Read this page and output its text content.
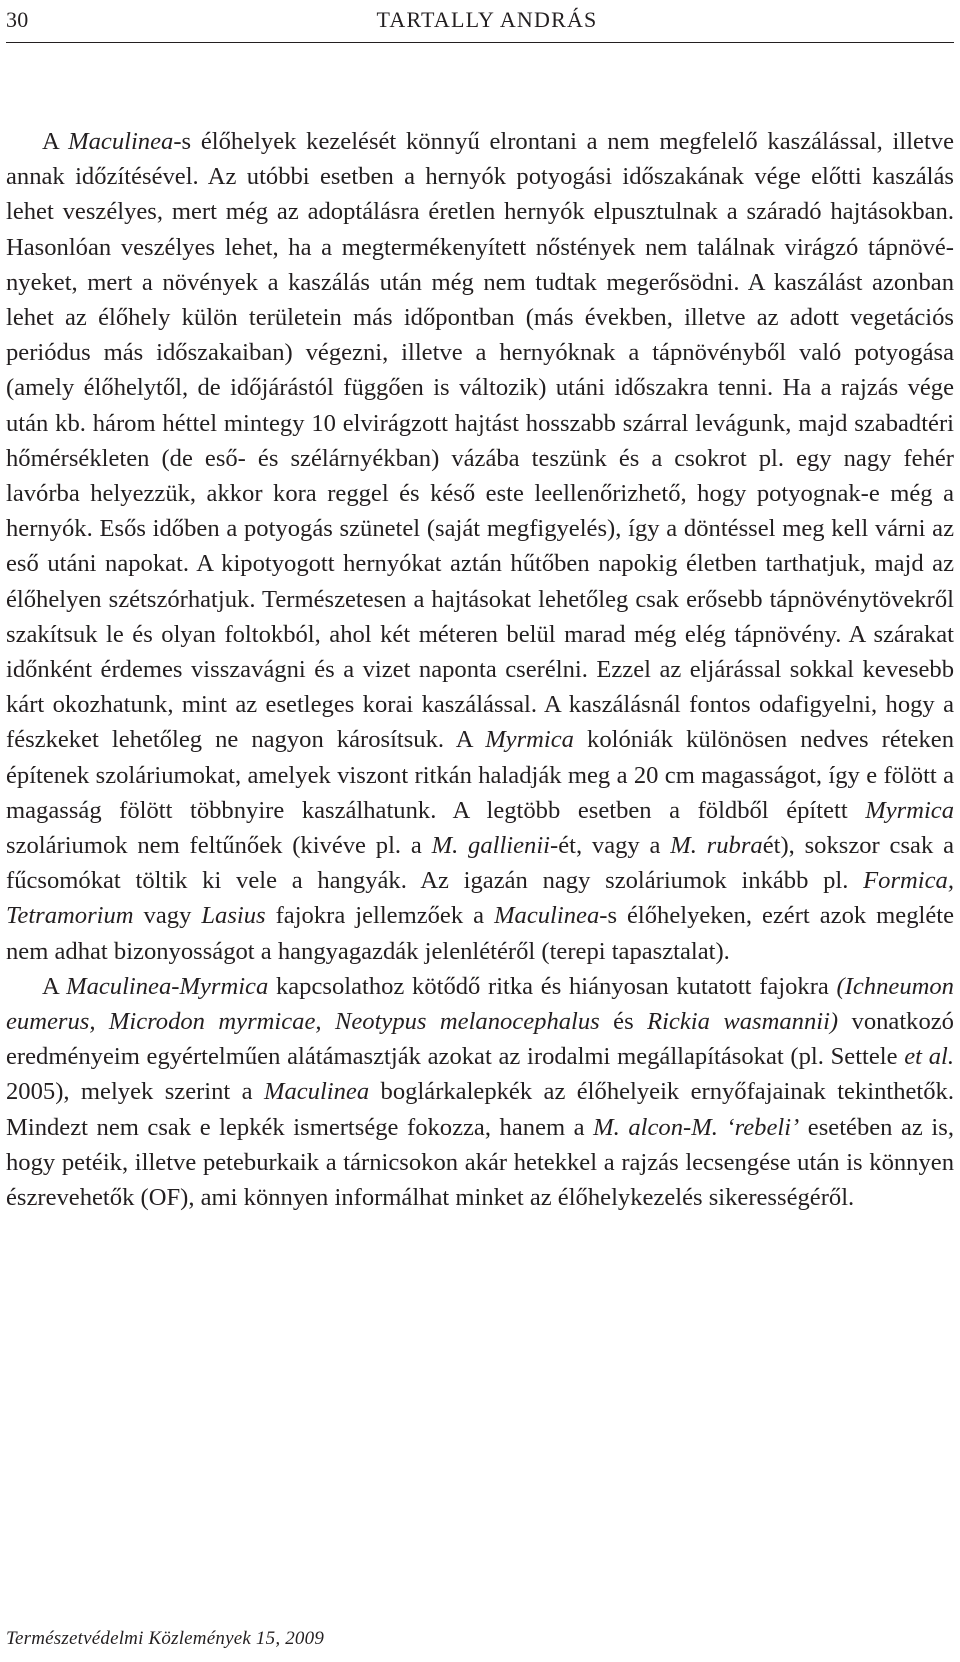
30	TARTALLY ANDRÁS

A Maculinea-s élőhelyek kezelését könnyű elrontani a nem megfelelő kaszálással, illetve annak időzítésével. Az utóbbi esetben a hernyók potyogási időszakának vége előtti kaszálás lehet veszélyes, mert még az adoptálásra éretlen hernyók elpusztulnak a száradó hajtásokban. Hasonlóan veszélyes lehet, ha a megtermékenyített nőstények nem találnak virágzó tápnövényeket, mert a növények a kaszálás után még nem tudtak megerősödni. A kaszálást azonban lehet az élőhely külön területein más időpontban (más években, illetve az adott vegetációs periódus más időszakaiban) végezni, illetve a hernyóknak a tápnövényből való potyogása (amely élőhelytől, de időjárástól függően is változik) utáni időszakra tenni. Ha a rajzás vége után kb. három héttel mintegy 10 elvirágzott hajtást hosszabb szárral levágunk, majd szabadtéri hőmérsékleten (de eső- és szélárnyékban) vázába teszünk és a csokrot pl. egy nagy fehér lavórba helyezzük, akkor kora reggel és késő este leellenőrizhető, hogy potyognak-e még a hernyók. Esős időben a potyogás szünetel (saját megfigyelés), így a döntéssel meg kell várni az eső utáni napokat. A kipotyogott hernyókat aztán hűtőben napokig életben tarthatjuk, majd az élőhelyen szétszórhatjuk. Természetesen a hajtásokat lehetőleg csak erősebb tápnövénytövekről szakítsuk le és olyan foltokból, ahol két méteren belül marad még elég tápnövény. A szárakat időnként érdemes visszavágni és a vizet naponta cserélni. Ezzel az eljárással sokkal kevesebb kárt okozhatunk, mint az esetleges korai kaszálással. A kaszálásnál fontos odafigyelni, hogy a fészkeket lehetőleg ne nagyon károsítsuk. A Myrmica kolóniák különösen nedves réteken építenek szoláriumokat, amelyek viszont ritkán haladják meg a 20 cm magasságot, így e fölött a magasság fölött többnyire kaszálhatunk. A legtöbb esetben a földből épített Myrmica szoláriumok nem feltűnőek (kivéve pl. a M. gallienii-ét, vagy a M. rubraét), sokszor csak a fűcsomókat töltik ki vele a hangyák. Az igazán nagy szoláriumok inkább pl. Formica, Tetramorium vagy Lasius fajokra jellemzőek a Maculinea-s élőhelyeken, ezért azok megléte nem adhat bizonyosságot a hangyagazdák jelenlétéről (terepi tapasztalat).

A Maculinea-Myrmica kapcsolathoz kötődő ritka és hiányosan kutatott fajokra (Ichneumon eumerus, Microdon myrmicae, Neotypus melanocephalus és Rickia wasmannii) vonatkozó eredményeim egyértelműen alátámasztják azokat az irodalmi megállapításokat (pl. Settele et al. 2005), melyek szerint a Maculinea boglárkalepkék az élőhelyeik ernyőfajainak tekinthetők. Mindezt nem csak e lepkék ismertsége fokozza, hanem a M. alcon-M. ‘rebeli’ esetében az is, hogy petéik, illetve peteburkaik a tárnicsokon akár hetekkel a rajzás lecsengése után is könnyen észrevehetők (OF), ami könnyen informálhat minket az élőhelykezelés sikerességéről.

Természetvédelmi Közlemények 15, 2009
